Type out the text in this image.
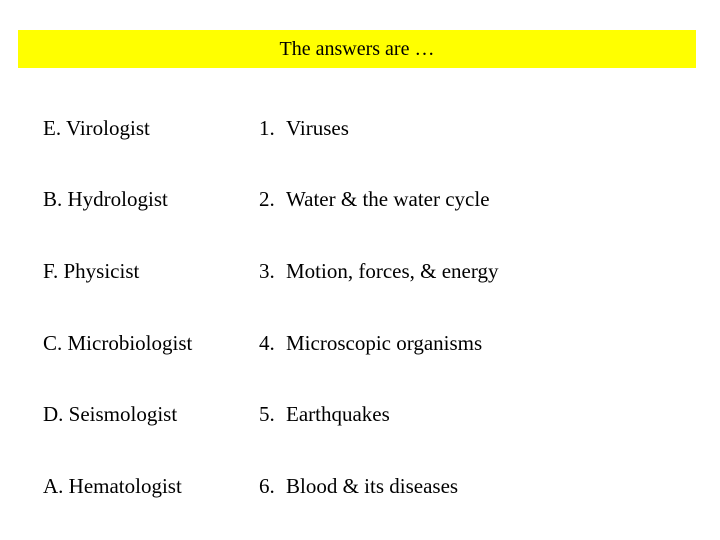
The answers are …
E. Virologist	1. Viruses
B. Hydrologist	2. Water & the water cycle
F. Physicist	3. Motion, forces, & energy
C. Microbiologist	4. Microscopic organisms
D. Seismologist	5. Earthquakes
A. Hematologist	6. Blood & its diseases
